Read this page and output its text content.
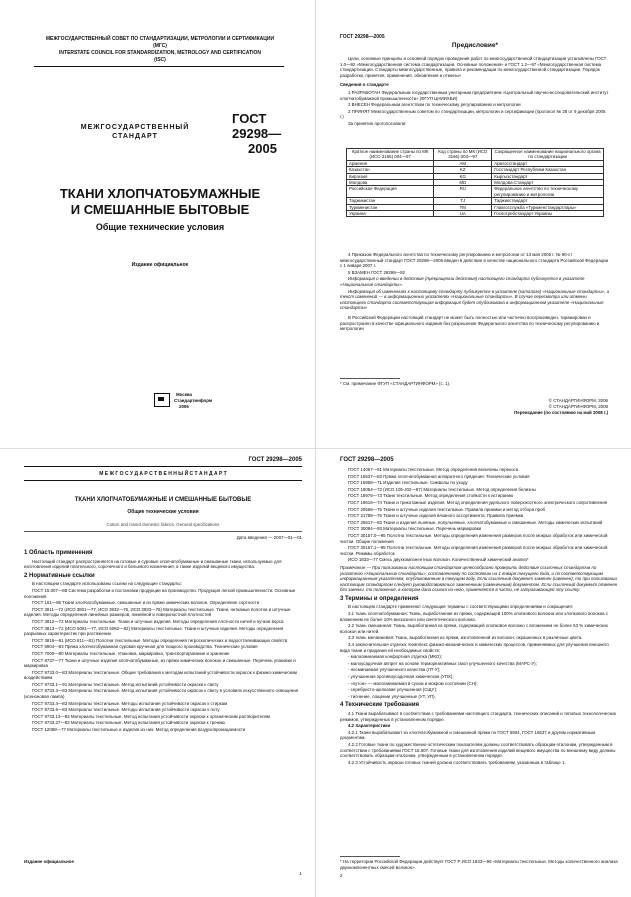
МЕЖГОСУДАРСТВЕННЫЙ СОВЕТ ПО СТАНДАРТИЗАЦИИ, МЕТРОЛОГИИ И СЕРТИФИКАЦИИ
(МГС)
INTERSTATE COUNCIL FOR STANDARDIZATION, METROLOGY AND CERTIFICATION
(ISC)
МЕЖГОСУДАРСТВЕННЫЙ
СТАНДАРТ
ГОСТ
29298—
2005
ТКАНИ ХЛОПЧАТОБУМАЖНЫЕ
И СМЕШАННЫЕ БЫТОВЫЕ
Общие технические условия
Издание официальное
Москва
Стандартинформ
2006
ГОСТ 29298—2005
Предисловие*

Цели, основные принципы и основной порядок проведения работ по межгосударственной стандартизации установлены ГОСТ 1.0—92 «Межгосударственная система стандартизации. Основные положения» и ГОСТ 1.2—97 «Межгосударственная система стандартизации. Стандарты межгосударственные, правила и рекомендации по межгосударственной стандартизации. Порядок разработки, принятия, применения, обновления и отмены»

Сведения о стандарте

1 РАЗРАБОТАН Федеральным государственным унитарным предприятием «Центральный научно-исследовательский институт хлопчатобумажной промышленности» (ФГУП ЦНИИХБИ)

2 ВНЕСЕН Федеральным агентством по техническому регулированию и метрологии

3 ПРИНЯТ Межгосударственным советом по стандартизации, метрологии и сертификации (протокол № 28 от 9 декабря 2005 г.)

За принятие проголосовали:

Краткое наименование страны по МК (ИСО 3166) 004—97	Код страны по МК (ИСО 3166) 004—97	Сокращенное наименование национального органа по стандартизации
Армения	AM	Армгосстандарт
Казахстан	KZ	Госстандарт Республики Казахстан
Киргизия	KG	Кыргызстандарт
Молдова	MD	Молдова-Стандарт
Российская Федерация	RU	Федеральное агентство по техническому регулированию и метрологии
Таджикистан	TJ	Таджикстандарт
Туркменистан	TM	Главгосслужба «Туркменстандартлары»
Украина	UA	Госпотребстандарт Украины

4 Приказом Федерального агентства по техническому регулированию и метрологии от 13 мая 2006 г. № 90-ст межгосударственный стандарт ГОСТ 29298—2005 введен в действие в качестве национального стандарта Российской Федерации с 1 января 2007 г.

5 ВЗАМЕН ГОСТ 29298—92

Информация о введении в действие (прекращении действия) настоящего стандарта публикуется в указателе «Национальные стандарты».

Информация об изменениях к настоящему стандарту публикуется в указателе (каталоге) «Национальные стандарты», а текст изменений — в информационных указателях «Национальные стандарты». В случае пересмотра или отмены настоящего стандарта соответствующая информация будет опубликована в информационном указателе «Национальные стандарты»

В Российской Федерации настоящий стандарт не может быть полностью или частично воспроизведен, тиражирован и распространен в качестве официального издания без разрешения Федерального агентства по техническому регулированию и метрологии

* См. примечание ФГУП «СТАНДАРТИНФОРМ» (с. 1).
© СТАНДАРТИНФОРМ, 2006
© СТАНДАРТИНФОРМ, 2008
Переиздание (по состоянию на май 2008 г.)
ГОСТ 29298—2005
М Е Ж Г О С У Д А Р С Т В Е Н Н Ы Й С Т А Н Д А Р Т
ТКАНИ ХЛОПЧАТОБУМАЖНЫЕ И СМЕШАННЫЕ БЫТОВЫЕ
Общие технические условия
Cotton and mixed domestic fabrics. General specifications
Дата введения — 2007—01—01

1 Область применения

Настоящий стандарт распространяется на готовые и суровые хлопчатобумажные и смешанные ткани, используемые для изготовления изделий плательного, сорочечного и бельевого назначения, а также изделий вещевого имущества.

2 Нормативные ссылки

В настоящем стандарте использованы ссылки на следующие стандарты:

ГОСТ 15.007—88 Система разработки и постановки продукции на производство. Продукция легкой промышленности. Основные положения

ГОСТ 161—86 Ткани хлопчатобумажные, смешанные и из пряжи химических волокон. Определение сортности

ГОСТ 3811—72 (ИСО 3801—77, ИСО 3932—76, ИСО 3933—76) Материалы текстильные. Ткани, нетканые полотна и штучные изделия. Методы определения линейных размеров, линейной и поверхностной плотностей

ГОСТ 3812—72 Материалы текстильные. Ткани и штучные изделия. Методы определения плотности нитей и пучков ворса

ГОСТ 3813—72 (ИСО 5081—77, ИСО 5082—82) Материалы текстильные. Ткани и штучные изделия. Методы определения разрывных характеристик при растяжении

ГОСТ 3816—81 (ИСО 811—81) Полотна текстильные. Методы определения гигроскопических и водоотталкивающих свойств

ГОСТ 6904—83 Пряжа хлопчатобумажная суровая крученая для ткацкого производства. Технические условия

ГОСТ 7000—80 Материалы текстильные. Упаковка, маркировка, транспортирование и хранение

ГОСТ 8737—77 Ткани и штучные изделия хлопчатобумажные, из пряжи химических волокон и смешанные. Перечень упаковки и маркировка

ГОСТ 9733.0—83 Материалы текстильные. Общие требования к методам испытаний устойчивости окрасок к физико-химическим воздействиям

ГОСТ 9733.1—91 Материалы текстильные. Метод испытаний устойчивости окраски к свету

ГОСТ 9733.3—83 Материалы текстильные. Метод испытания устойчивости окрасок к свету в условиях искусственного освещения (ксеноновая лампа)

ГОСТ 9733.4—83 Материалы текстильные. Методы испытания устойчивости окрасок к стиркам

ГОСТ 9733.6—83 Материалы текстильные. Методы испытания устойчивости окрасок к поту

ГОСТ 9733.13—83 Материалы текстильные. Метод испытания устойчивости окраски к органическим растворителям

ГОСТ 9733.27—83 Материалы текстильные. Метод испытания устойчивости окраски к трению

ГОСТ 12088—77 Материалы текстильные и изделия из них. Метод определения воздухопроницаемости

Издание официальное
1
ГОСТ 29298—2005

ГОСТ 14067—91 Материалы текстильные. Метод определения величины перекоса

ГОСТ 16537—83 Пряжа хлопчатобумажная аппаратного прядения. Технические условия

ГОСТ 16958—71 Изделия текстильные. Символы по уходу

ГОСТ 18054—72 (ИСО 105-J02—87) Материалы текстильные. Метод определения белизны

ГОСТ 18976—73 Ткани текстильные. Метод определения стойкости к истиранию

ГОСТ 19616—74 Ткани и трикотажные изделия. Метод определения удельного поверхностного электрического сопротивления

ГОСТ 20566—75 Ткани и штучные изделия текстильные. Правила приемки и метод отбора проб

ГОСТ 21788—76 Ткани и штучные изделия вязаного ассортимента. Правила приемки

ГОСТ 25617—83 Ткани и изделия льняные, полульняные, хлопчатобумажные и смешанные. Методы химических испытаний

ГОСТ 30084—93 Материалы текстильные. Перечень маркировки

ГОСТ 30157.0—95 Полотна текстильные. Методы определения изменения размеров после мокрых обработок или химической чистки. Общие положения

ГОСТ 30157.1—95 Полотна текстильные. Методы определения изменения размеров после мокрых обработок или химической чистки. Режимы обработок

ИСО 1833—77 Смесь двухкомпонентных волокон. Количественный химический анализ*

Примечание — При пользовании настоящим стандартом целесообразно проверить действие ссылочных стандартов по указателю «Национальные стандарты», составленному по состоянию на 1 января текущего года, и по соответствующим информационным указателям, опубликованным в текущем году. Если ссылочный документ заменен (изменен), то при пользовании настоящим стандартом следует руководствоваться замененным (измененным) документом. Если ссылочный документ отменен без замены, то положение, в котором дана ссылка на него, применяется в части, не затрагивающей эту ссылку.

3 Термины и определения

В настоящем стандарте применяют следующие термины с соответствующими определениями и сокращения:

3.1 ткань хлопчатобумажная: Ткань, выработанная из пряжи, содержащей 100% хлопкового волокна или хлопкового волокна с вложением не более 10% вискозного или синтетического волокна.

3.2 ткань смешанная: Ткань, выработанная из пряжи, содержащей хлопковое волокно с вложением не более 53 % химических волокон или нитей.

3.3 ткань меланжевая: Ткань, выработанная из пряжи, изготовленной из волокон, окрашенных в различные цвета.

3.4 заключительная отделка: Комплекс физико-механических и химических процессов, применяемых для улучшения внешнего вида ткани и придания ей необходимых свойств:

- малосминаемая конфортная отделка (МКО);

- малоусадочная аппрет на основе термореактивных смол улучшенного качества (МАРС-У);

- несминаемая улучшенного качества (ЛТ-У);

- улучшенная противоусадочная химическая (УПХ);

- «кутон» — малосминаемая в сухом и мокром состоянии (СН);

- серебристо-щелковая улучшенная (СЩУ);

- тиснение, лощение улучшенные (УТ, УП).

4 Технические требования

4.1 Ткани вырабатывают в соответствии с требованиями настоящего стандарта, технических описаний и типовых технологических режимов, утвержденных в установленном порядке.

4.2 Характеристики

4.2.1 Ткани вырабатывают из хлопчатобумажной и смешанной пряжи по ГОСТ 6904, ГОСТ 16537 и другим нормативным документам.

4.2.2 Готовые ткани по художественно-эстетическим показателям должны соответствовать образцам-эталонам, утвержденным в соответствии с требованиями ГОСТ 15.007. Готовые ткани для изготовления изделий вещевого имущества по внешнему виду должны соответствовать образцам-эталонам, утвержденным в установленном порядке.

4.2.3 Устойчивость окраски готовых тканей должна соответствовать требованиям, указанным в таблице 1.

* На территории Российской Федерации действует ГОСТ Р ИСО 1833—99 «Материалы текстильные. Методы количественного анализа двухкомпонентных смесей волокон».
2
